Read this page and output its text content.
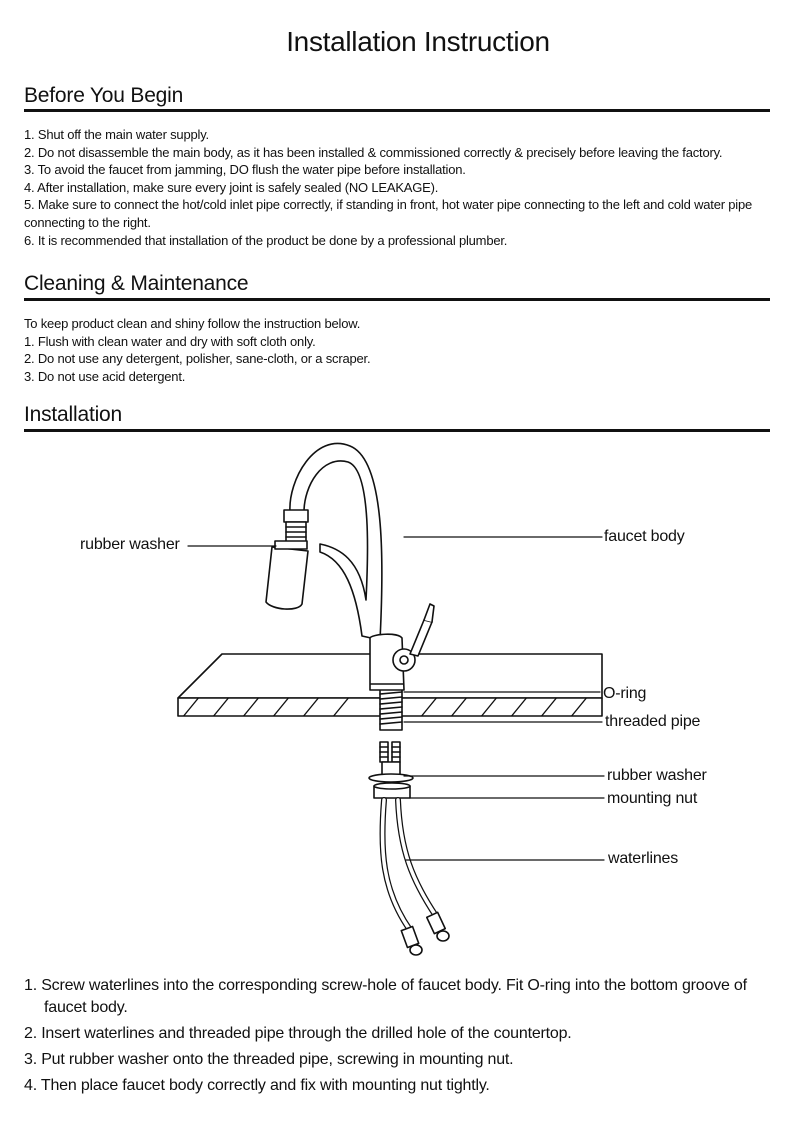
Installation Instruction
Before You Begin
1. Shut off the main water supply.
2. Do not disassemble the main body, as it has been installed & commissioned correctly & precisely before leaving the factory.
3. To avoid the faucet from jamming, DO flush the water pipe before installation.
4. After installation, make sure every joint is safely sealed (NO LEAKAGE).
5. Make sure to connect the hot/cold inlet pipe correctly, if standing in front, hot water pipe connecting to the left and cold water pipe connecting to the right.
6. It is recommended that installation of the product be done by a professional plumber.
Cleaning & Maintenance
To keep product clean and shiny follow the instruction below.
1. Flush with clean water and dry with soft cloth only.
2. Do not use any detergent, polisher, sane-cloth, or a scraper.
3. Do not use acid detergent.
Installation
rubber washer	faucet body
O-ring
threaded pipe
rubber washer
mounting nut
waterlines
1. Screw waterlines into the corresponding screw-hole of faucet body. Fit O-ring into the bottom groove of
faucet body.
2. Insert waterlines and threaded pipe through the drilled hole of the countertop.
3. Put rubber washer onto the threaded pipe, screwing in mounting nut.
4. Then place faucet body correctly and fix with mounting nut tightly.
